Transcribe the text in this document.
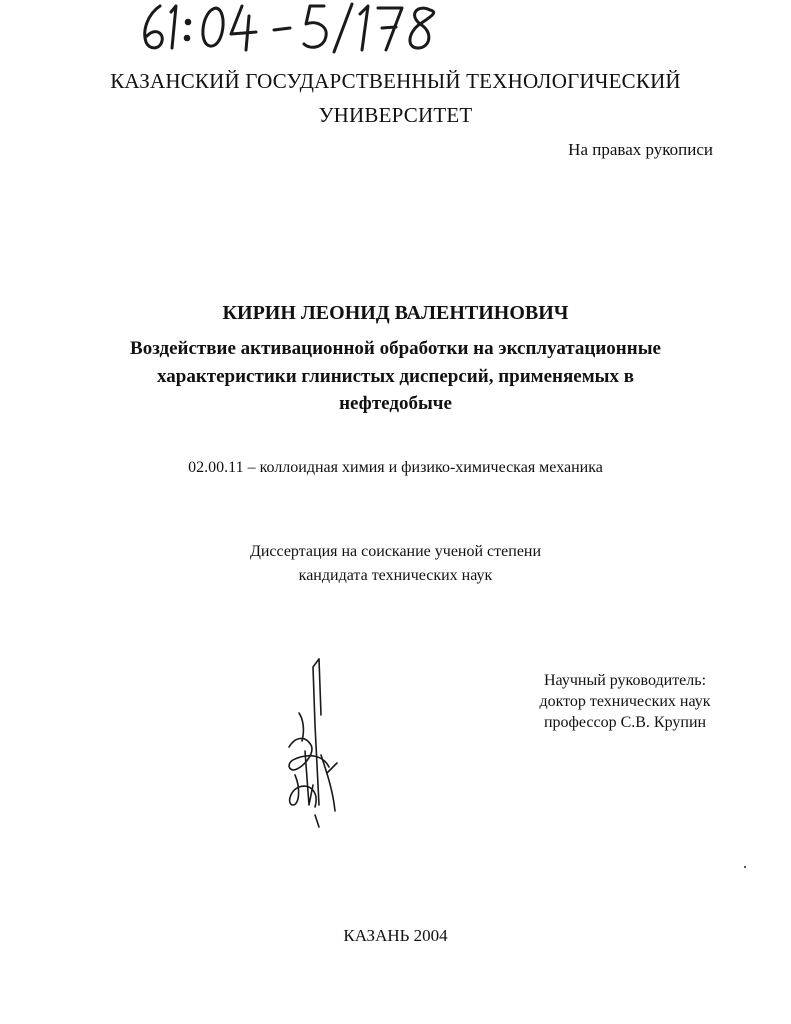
КАЗАНСКИЙ ГОСУДАРСТВЕННЫЙ ТЕХНОЛОГИЧЕСКИЙ
УНИВЕРСИТЕТ
На правах рукописи
КИРИН ЛЕОНИД ВАЛЕНТИНОВИЧ
Воздействие активационной обработки на эксплуатационные
характеристики глинистых дисперсий, применяемых в
нефтедобыче
02.00.11 – коллоидная химия и физико-химическая механика
Диссертация на соискание ученой степени
кандидата технических наук
Научный руководитель:
доктор технических наук
профессор С.В. Крупин
КАЗАНЬ 2004
